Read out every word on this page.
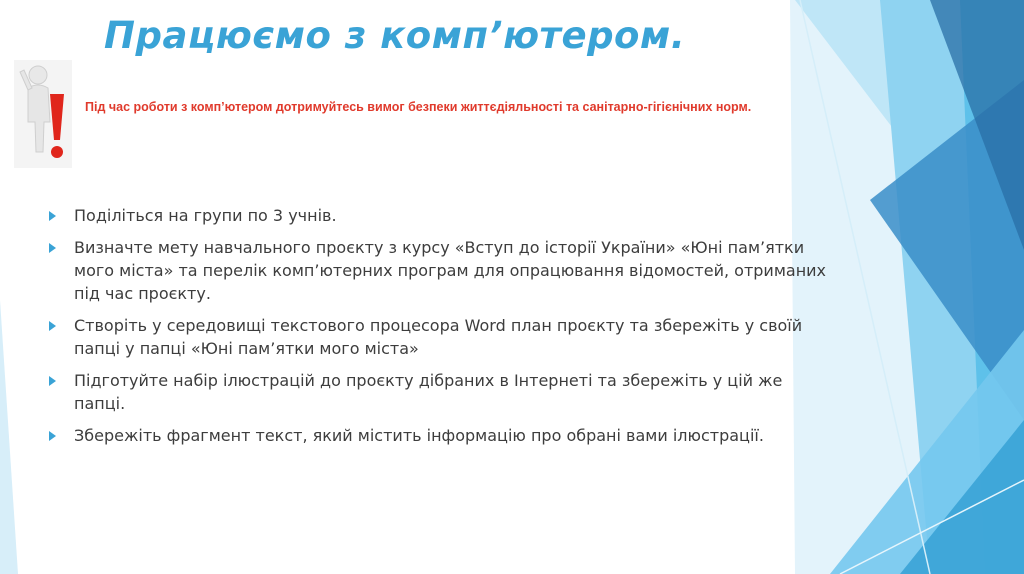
Працюємо з комп’ютером.

Під час роботи з комп’ютером дотримуйтесь вимог безпеки життєдіяльності та санітарно-гігієнічних норм.

Поділіться на групи по 3 учнів.
Визначте мету навчального проєкту з курсу «Вступ до історії України» «Юні пам’ятки мого міста» та перелік комп’ютерних програм для опрацювання відомостей, отриманих під час проєкту.
Створіть у середовищі текстового процесора Word план проєкту та збережіть у своїй папці у папці «Юні пам’ятки мого міста»
Підготуйте набір ілюстрацій до проєкту дібраних в Інтернеті та збережіть у цій же папці.
Збережіть фрагмент текст, який містить інформацію про обрані вами ілюстрації.
